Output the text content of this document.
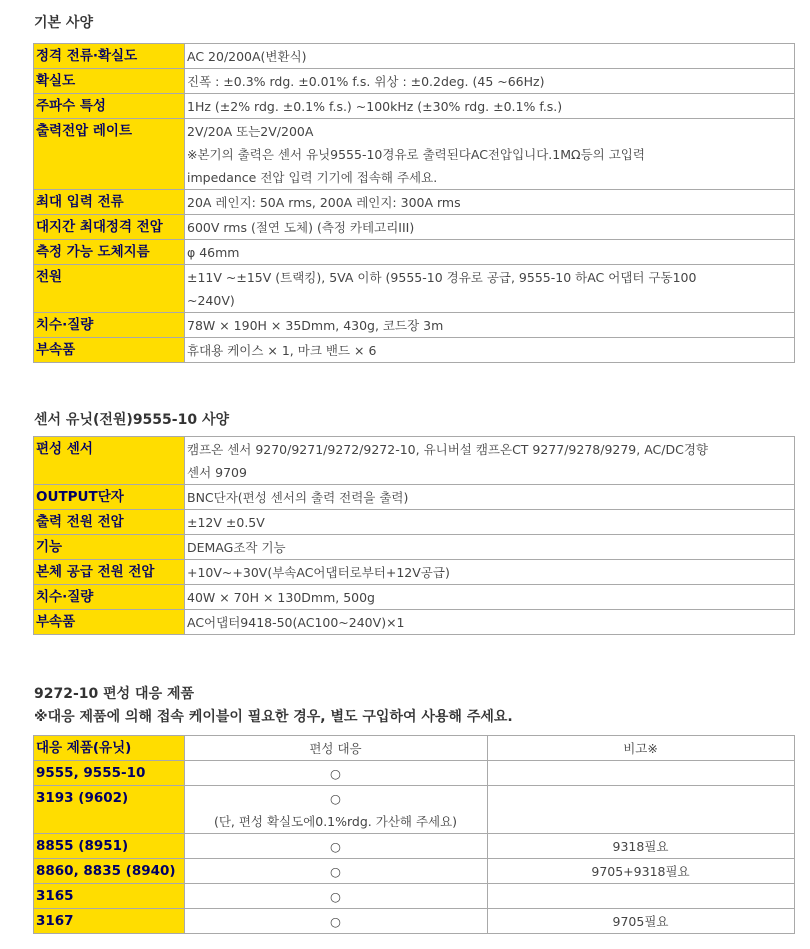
기본 사양
정격 전류·확실도	AC 20/200A(변환식)

확실도	진폭 : ±0.3% rdg. ±0.01% f.s. 위상 : ±0.2deg. (45 ~66Hz)

주파수 특성	1Hz (±2% rdg. ±0.1% f.s.) ~100kHz (±30% rdg. ±0.1% f.s.)

출력전압 레이트	2V/20A 또는2V/200A
※본기의 출력은 센서 유닛9555-10경유로 출력된다AC전압입니다.1MΩ등의 고입력
impedance 전압 입력 기기에 접속해 주세요.

최대 입력 전류	20A 레인지: 50A rms, 200A 레인지: 300A rms

대지간 최대정격 전압	600V rms (절연 도체) (측정 카테고리III)

측정 가능 도체지름	φ 46mm

전원	±11V ~±15V (트랙킹), 5VA 이하 (9555-10 경유로 공급, 9555-10 하AC 어댑터 구동100
~240V)

치수·질량	78W × 190H × 35Dmm, 430g, 코드장 3m

부속품	휴대용 케이스 × 1, 마크 밴드 × 6
센서 유닛(전원)9555-10 사양
편성 센서	캠프온 센서 9270/9271/9272/9272-10, 유니버설 캠프온CT 9277/9278/9279, AC/DC경향
센서 9709

OUTPUT단자	BNC단자(편성 센서의 출력 전력을 출력)

출력 전원 전압	±12V ±0.5V

기능	DEMAG조작 기능

본체 공급 전원 전압	+10V~+30V(부속AC어댑터로부터+12V공급)

치수·질량	40W × 70H × 130Dmm, 500g

부속품	AC어댑터9418-50(AC100~240V)×1
9272-10 편성 대응 제품
※대응 제품에 의해 접속 케이블이 필요한 경우, 별도 구입하여 사용해 주세요.
대응 제품(유닛)	편성 대응	비고※
9555, 9555-10	○	

3193 (9602)	○
(단, 편성 확실도에0.1%rdg. 가산해 주세요)	

8855 (8951)	○	9318필요
8860, 8835 (8940)	○	9705+9318필요
3165	○	

3167	○	9705필요
